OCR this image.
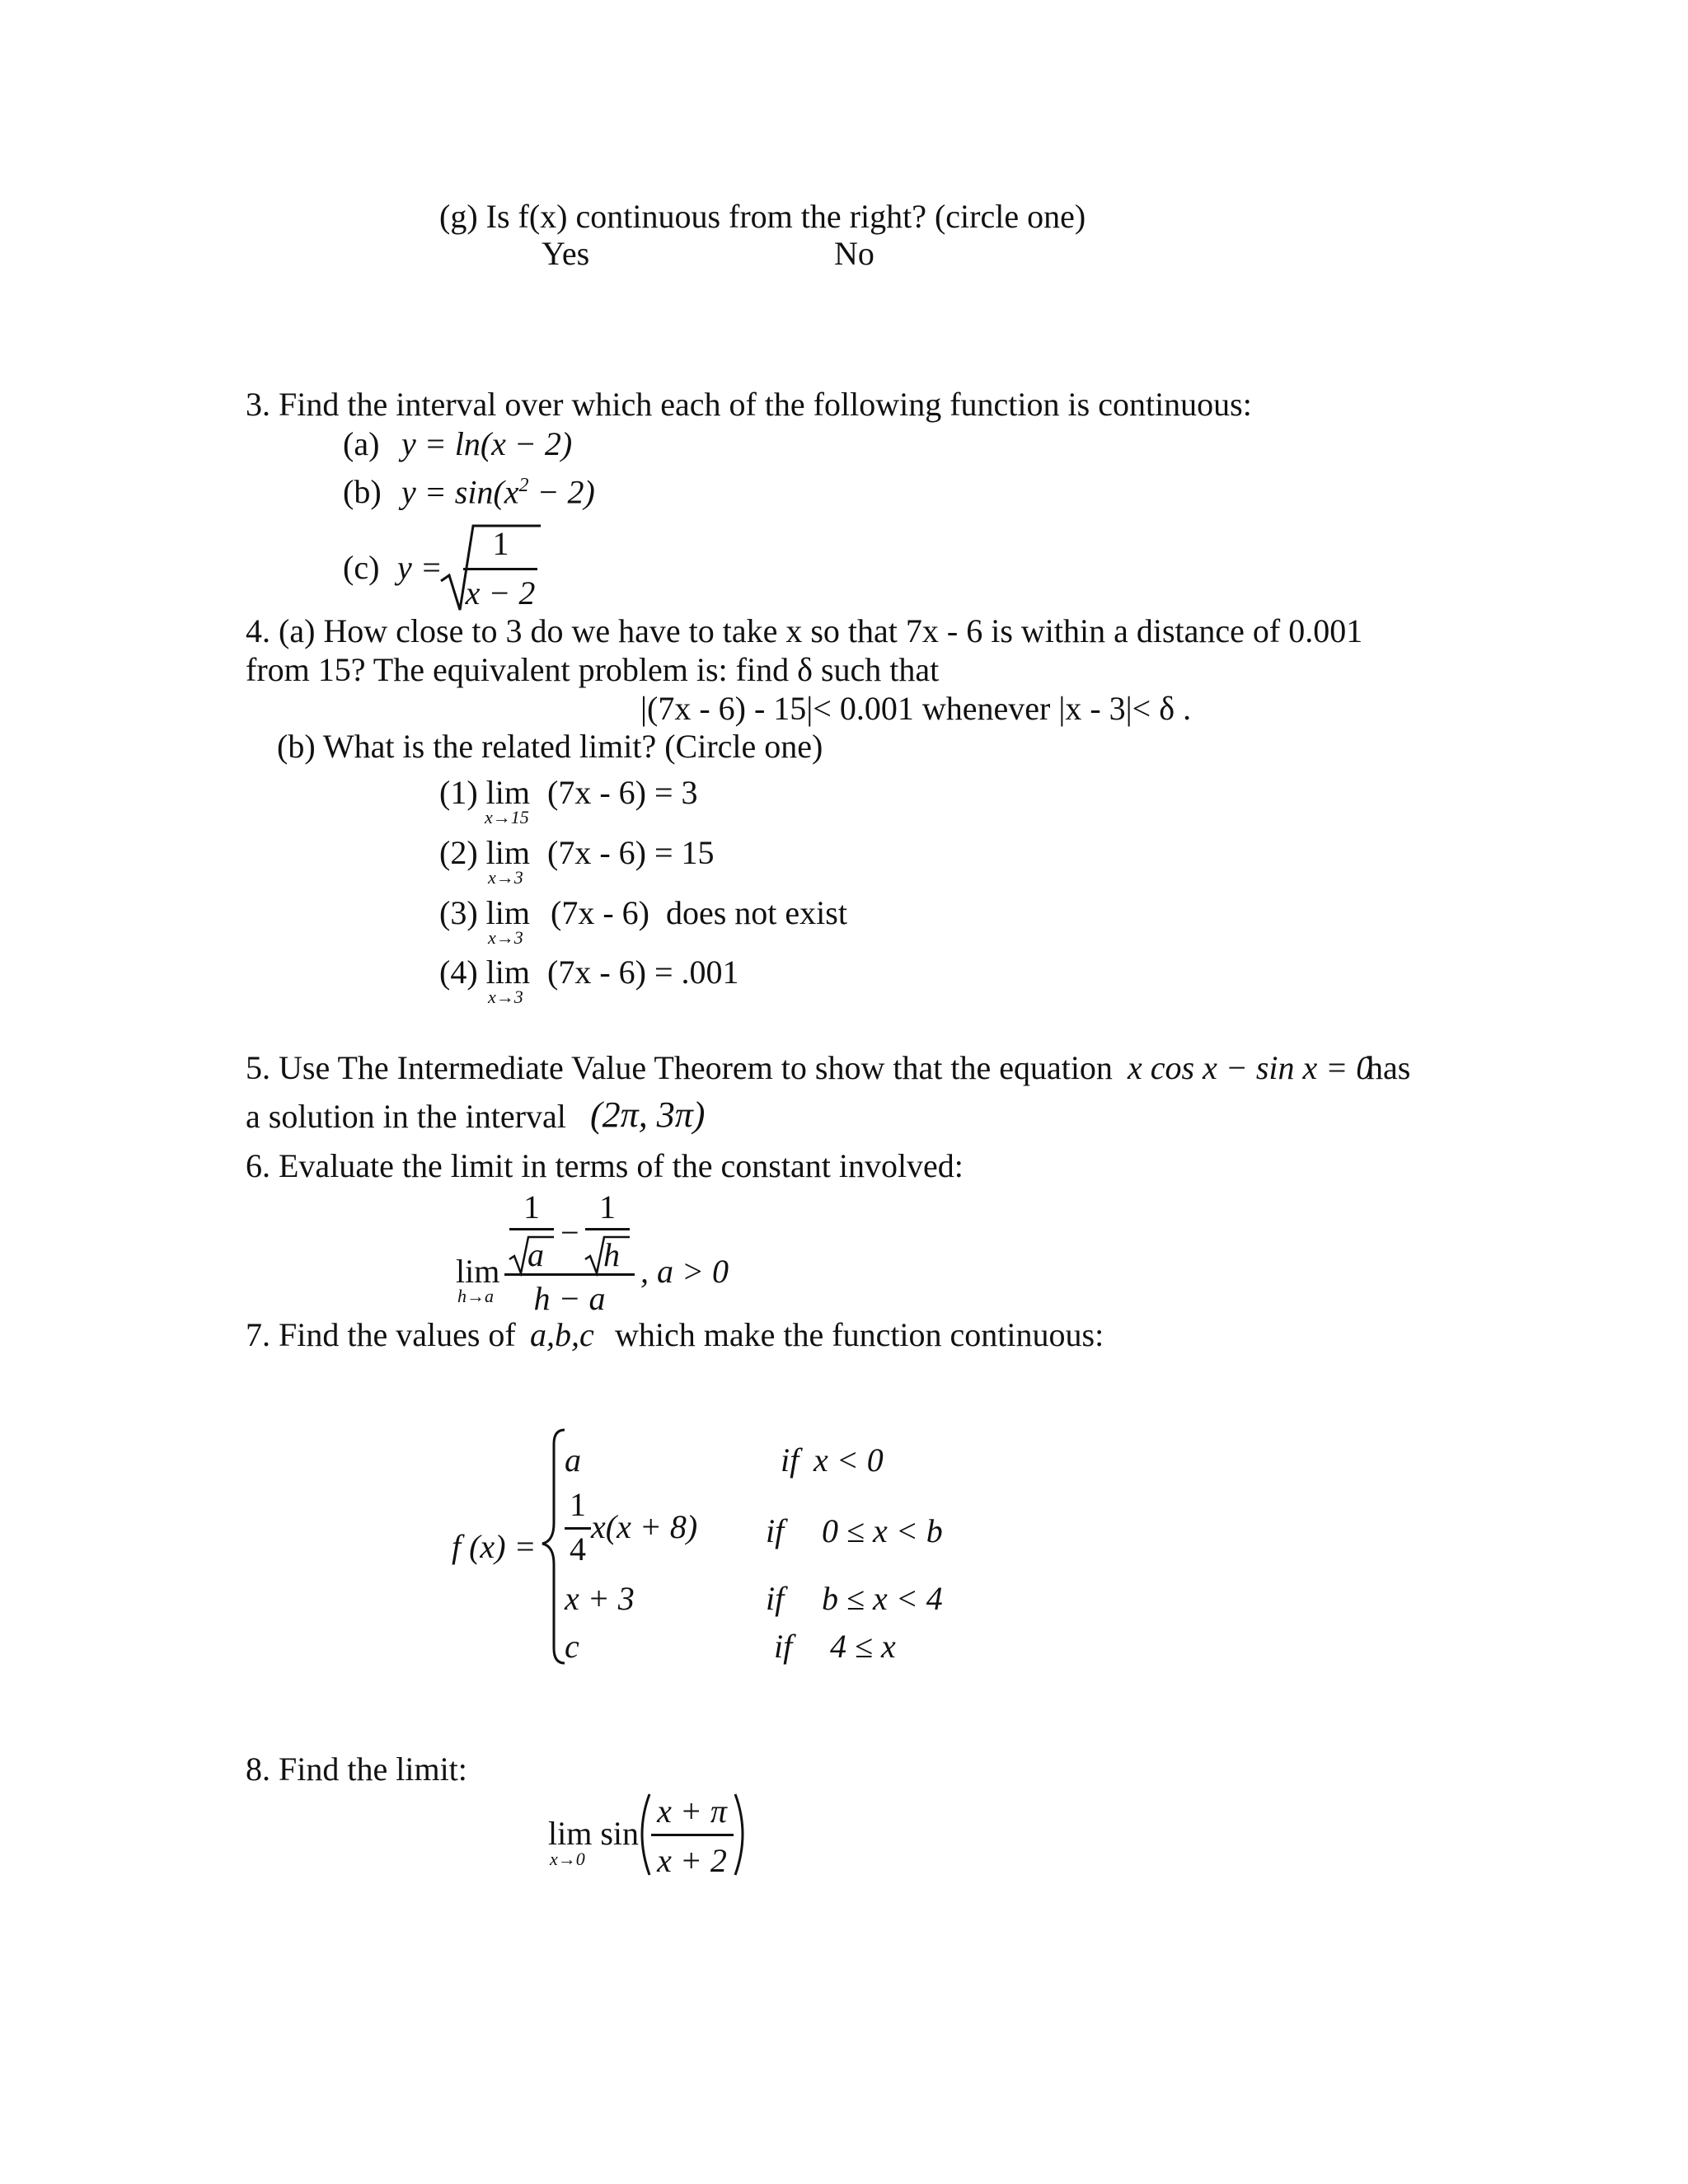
(g) Is f(x) continuous from the right? (circle one)
Yes	No
3. Find the interval over which each of the following function is continuous:
(a) y = ln(x − 2)
(b) $y = \sin(x^2 - 2)$
(c) y =
1
x − 2
4. (a) How close to 3 do we have to take x so that 7x - 6 is within a distance of 0.001
from 15? The equivalent problem is: find δ such that
|(7x - 6) - 15|< 0.001 whenever |x - 3|< δ .
(b) What is the related limit? (Circle one)
(1) lim
x→15
(7x - 6) = 3
(2) lim
x→3
(7x - 6) = 15
(3) lim
x→3
(7x - 6)  does not exist
(4) lim
x→3
(7x - 6) = .001
5. Use The Intermediate Value Theorem to show that the equation x cos x − sin x = 0
has
a solution in the interval (2π, 3π)
6. Evaluate the limit in terms of the constant involved:
1
a
−
1
h
lim
h→a	h − a
, a > 0
7. Find the values of a,b,c which make the function continuous:
f (x) =
a	if x < 0
1
4
x(x + 8) if 0 ≤ x < b
x + 3	if b ≤ x < 4
c	if 4 ≤ x
8. Find the limit:
lim sin
x→0
x + π
x + 2
